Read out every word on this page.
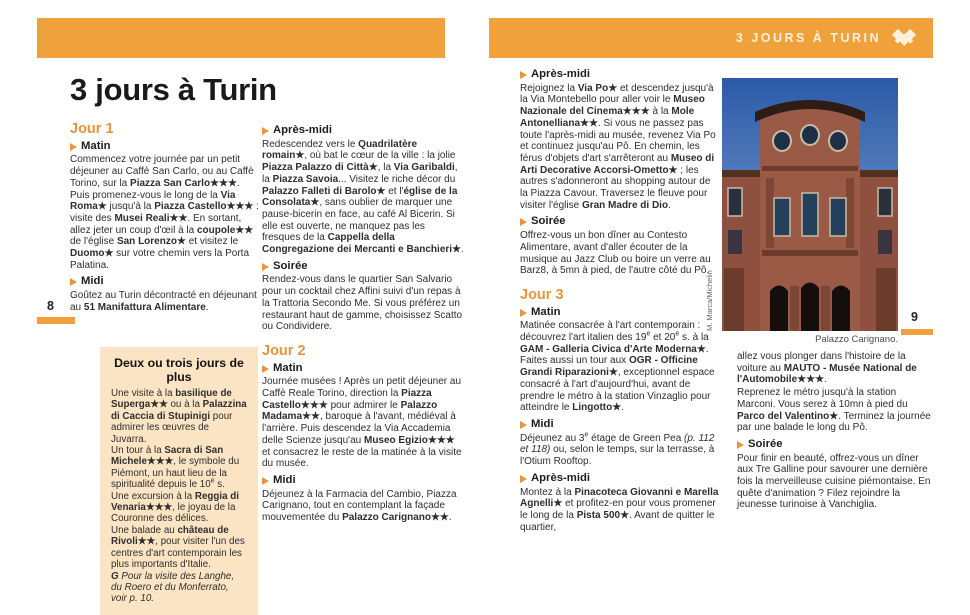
3 JOURS À TURIN
3 jours à Turin
Jour 1
Matin

Commencez votre journée par un petit déjeuner au Caffè San Carlo, ou au Caffè Torino, sur la Piazza San Carlo★★★. Puis promenez-vous le long de la Via Roma★ jusqu'à la Piazza Castello★★★ : visite des Musei Reali★★. En sortant, allez jeter un coup d'œil à la coupole★★ de l'église San Lorenzo★ et visitez le Duomo★ sur votre chemin vers la Porta Palatina.

Midi

Goûtez au Turin décontracté en déjeunant au 51 Manifattura Alimentare.

Deux ou trois jours de plus

Une visite à la basilique de Superga★★ ou à la Palazzina di Caccia di Stupinigi pour admirer les œuvres de Juvarra.

Un tour à la Sacra di San Michele★★★, le symbole du Piémont, un haut lieu de la spiritualité depuis le 10e s.

Une excursion à la Reggia di Venaria★★★, le joyau de la Couronne des délices.

Une balade au château de Rivoli★★, pour visiter l'un des centres d'art contemporain les plus importants d'Italie.

G Pour la visite des Langhe, du Roero et du Monferrato, voir p. 10.

Après-midi

Redescendez vers le Quadrilatère romain★, où bat le cœur de la ville : la jolie Piazza Palazzo di Città★, la Via Garibaldi, la Piazza Savoia... Visitez le riche décor du Palazzo Falleti di Barolo★ et l'église de la Consolata★, sans oublier de marquer une pause-bicerin en face, au café Al Bicerin. Si elle est ouverte, ne manquez pas les fresques de la Cappella della Congregazione dei Mercanti e Banchieri★.

Soirée

Rendez-vous dans le quartier San Salvario pour un cocktail chez Affini suivi d'un repas à la Trattoria Secondo Me. Si vous préférez un restaurant haut de gamme, choisissez Scatto ou Condividere.

Jour 2
Matin

Journée musées ! Après un petit déjeuner au Caffè Reale Torino, direction la Piazza Castello★★★ pour admirer le Palazzo Madama★★, baroque à l'avant, médiéval à l'arrière. Puis descendez la Via Accademia delle Scienze jusqu'au Museo Egizio★★★ et consacrez le reste de la matinée à la visite du musée.

Midi

Déjeunez à la Farmacia del Cambio, Piazza Carignano, tout en contemplant la façade mouvementée du Palazzo Carignano★★.

Après-midi

Rejoignez la Via Po★ et descendez jusqu'à la Via Montebello pour aller voir le Museo Nazionale del Cinema★★★ à la Mole Antonelliana★★. Si vous ne passez pas toute l'après-midi au musée, revenez Via Po et continuez jusqu'au Pô. En chemin, les férus d'objets d'art s'arrêteront au Museo di Arti Decorative Accorsi-Ometto★ ; les autres s'adonneront au shopping autour de la Piazza Cavour. Traversez le fleuve pour visiter l'église Gran Madre di Dio.

Soirée

Offrez-vous un bon dîner au Contesto Alimentare, avant d'aller écouter de la musique au Jazz Club ou boire un verre au Barz8, à 5mn à pied, de l'autre côté du Pô.

Jour 3
Matin

Matinée consacrée à l'art contemporain : découvrez l'art italien des 19e et 20e s. à la GAM - Galleria Civica d'Arte Moderna★. Faites aussi un tour aux OGR - Officine Grandi Riparazioni★, exceptionnel espace consacré à l'art d'aujourd'hui, avant de prendre le métro à la station Vinzaglio pour atteindre le Lingotto★.

Midi

Déjeunez au 3e étage de Green Pea (p. 112 et 118) ou, selon le temps, sur la terrasse, à l'Otium Rooftop.

Après-midi

Montez à la Pinacoteca Giovanni e Marella Agnelli★ et profitez-en pour vous promener le long de la Pista 500★. Avant de quitter le quartier,

M. Marca/Michelin
Palazzo Carignano.

allez vous plonger dans l'histoire de la voiture au MAUTO - Musée National de l'Automobile★★★.

Reprenez le métro jusqu'à la station Marconi. Vous serez à 10mn à pied du Parco del Valentino★. Terminez la journée par une balade le long du Pô.

Soirée

Pour finir en beauté, offrez-vous un dîner aux Tre Galline pour savourer une dernière fois la merveilleuse cuisine piémontaise. En quête d'animation ? Filez rejoindre la jeunesse turinoise à Vanchiglia.

8
9
